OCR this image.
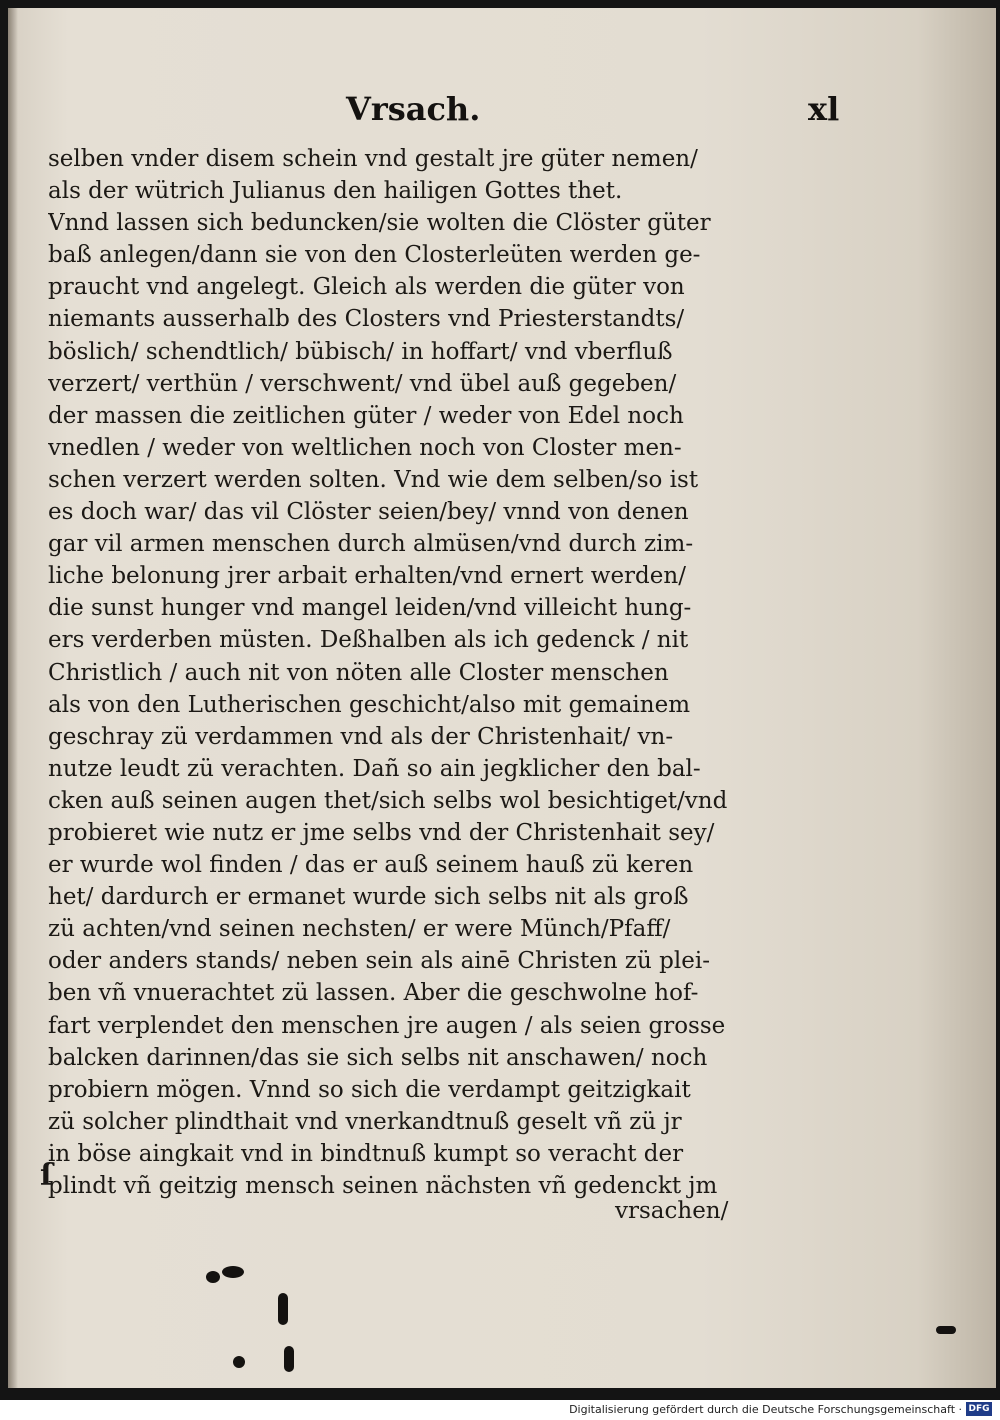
Vrsach.	xl
selben vnder disem schein vnd gestalt jre güter nemen/
als der wütrich Julianus den hailigen Gottes thet.
Vnnd lassen sich beduncken/sie wolten die Clöster güter
baß anlegen/dann sie von den Closterleüten werden ge-
praucht vnd angelegt. Gleich als werden die güter von
niemants ausserhalb des Closters vnd Priesterstandts/
böslich/ schendtlich/ bübisch/ in hoffart/ vnd vberfluß
verzert/ verthün / verschwent/ vnd übel auß gegeben/
der massen die zeitlichen güter / weder von Edel noch
vnedlen / weder von weltlichen noch von Closter men-
schen verzert werden solten. Vnd wie dem selben/so ist
es doch war/ das vil Clöster seien/bey/ vnnd von denen
gar vil armen menschen durch almüsen/vnd durch zim-
liche belonung jrer arbait erhalten/vnd ernert werden/
die sunst hunger vnd mangel leiden/vnd villeicht hung-
ers verderben müsten. Deßhalben als ich gedenck / nit
Christlich / auch nit von nöten alle Closter menschen
als von den Lutherischen geschicht/also mit gemainem
geschray zü verdammen vnd als der Christenhait/ vn-
nutze leudt zü verachten. Dañ so ain jegklicher den bal-
cken auß seinen augen thet/sich selbs wol besichtiget/vnd
probieret wie nutz er jme selbs vnd der Christenhait sey/
er wurde wol finden / das er auß seinem hauß zü keren
het/ dardurch er ermanet wurde sich selbs nit als groß
zü achten/vnd seinen nechsten/ er were Münch/Pfaff/
oder anders stands/ neben sein als ainē Christen zü plei-
ben vñ vnuerachtet zü lassen. Aber die geschwolne hof-
fart verplendet den menschen jre augen / als seien grosse
balcken darinnen/das sie sich selbs nit anschawen/ noch
probiern mögen. Vnnd so sich die verdampt geitzigkait
zü solcher plindthait vnd vnerkandtnuß geselt vñ zü jr
in böse aingkait vnd in bindtnuß kumpt so veracht der
plindt vñ geitzig mensch seinen nächsten vñ gedenckt jm
ſ
vrsachen/
Digitalisierung gefördert durch die Deutsche Forschungsgemeinschaft · DFG
